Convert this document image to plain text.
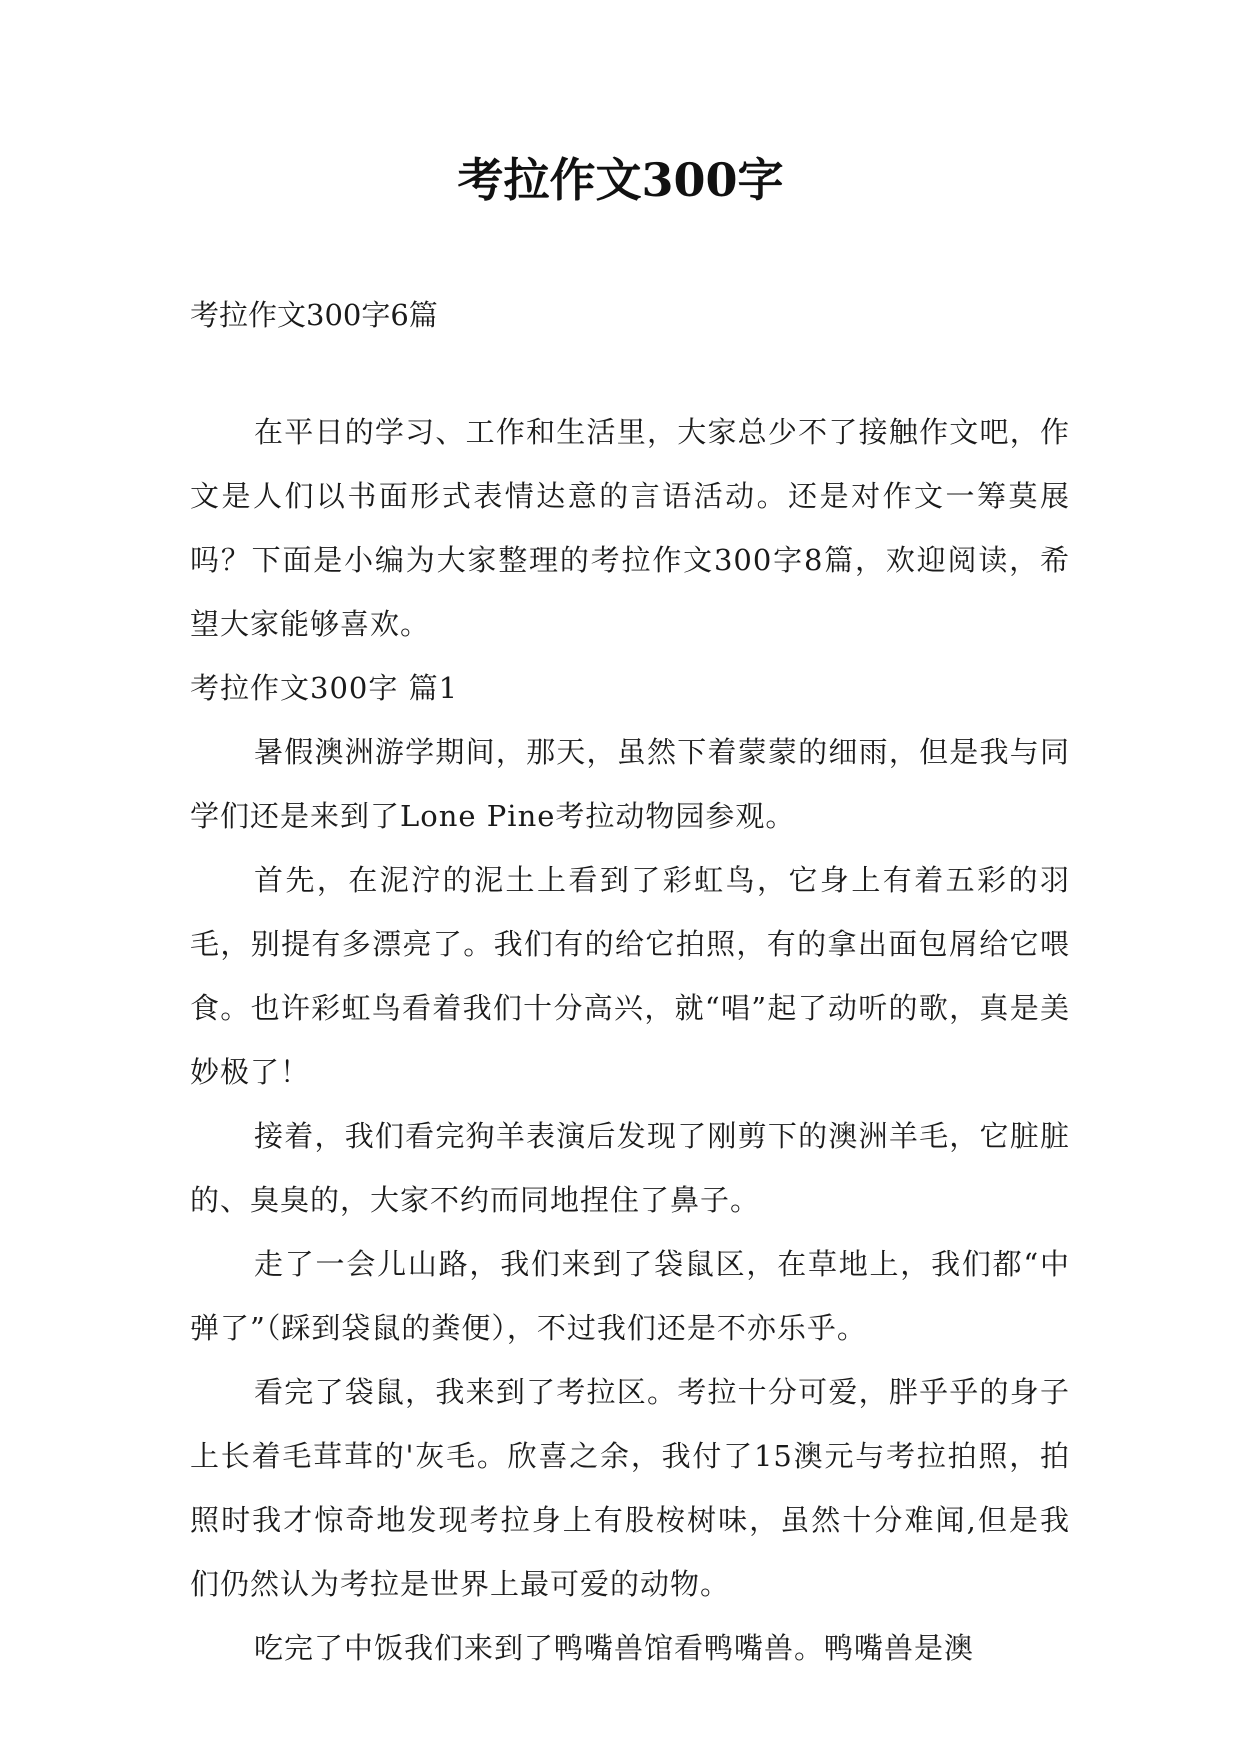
考拉作文300字
考拉作文300字6篇

在平日的学习、工作和生活里，大家总少不了接触作文吧，作文是人们以书面形式表情达意的言语活动。还是对作文一筹莫展吗？下面是小编为大家整理的考拉作文300字8篇，欢迎阅读，希望大家能够喜欢。

考拉作文300字 篇1

暑假澳洲游学期间，那天，虽然下着蒙蒙的细雨，但是我与同学们还是来到了Lone Pine考拉动物园参观。

首先，在泥泞的泥土上看到了彩虹鸟，它身上有着五彩的羽毛，别提有多漂亮了。我们有的给它拍照，有的拿出面包屑给它喂食。也许彩虹鸟看着我们十分高兴，就“唱”起了动听的歌，真是美妙极了！

接着，我们看完狗羊表演后发现了刚剪下的澳洲羊毛，它脏脏的、臭臭的，大家不约而同地捏住了鼻子。

走了一会儿山路，我们来到了袋鼠区，在草地上，我们都“中弹了”（踩到袋鼠的粪便），不过我们还是不亦乐乎。

看完了袋鼠，我来到了考拉区。考拉十分可爱，胖乎乎的身子上长着毛茸茸的'灰毛。欣喜之余，我付了15澳元与考拉拍照，拍照时我才惊奇地发现考拉身上有股桉树味，虽然十分难闻,但是我们仍然认为考拉是世界上最可爱的动物。

吃完了中饭我们来到了鸭嘴兽馆看鸭嘴兽。鸭嘴兽是澳
